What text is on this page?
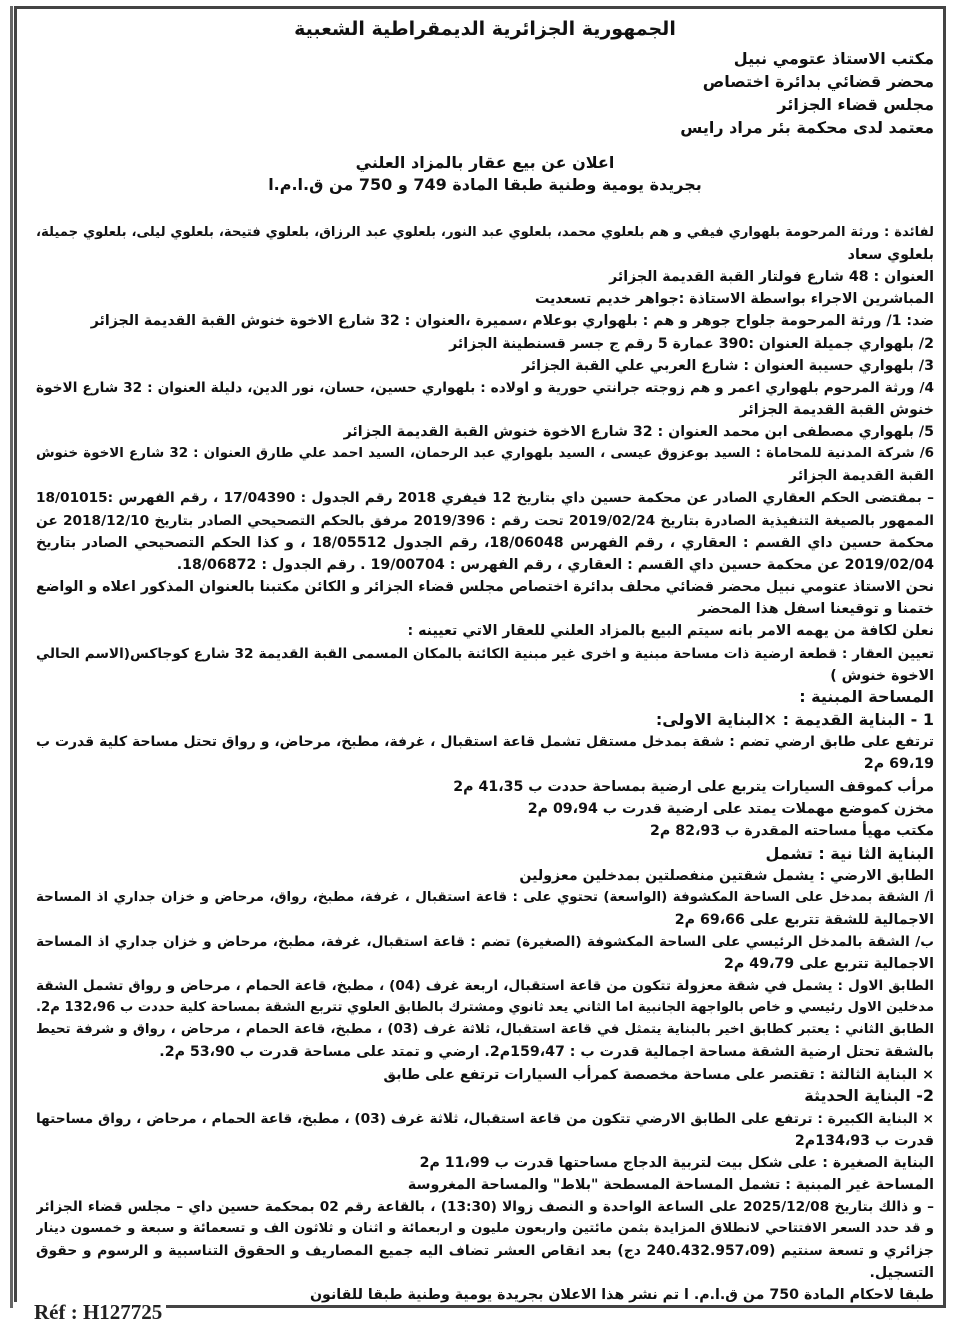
الجمهورية الجزائرية الديمقراطية الشعبية
مكتب الاستاذ عتومي نبيل
محضر قضائي بدائرة اختصاص
مجلس قضاء الجزائر
معتمد لدى محكمة بئر مراد رايس
اعلان عن بيع عقار بالمزاد العلني
بجريدة يومية وطنية طبقا المادة 749 و 750 من ق.ا.م.ا
لفائدة : ورثة المرحومة بلهواري فيفي و هم بلعلوي محمد، بلعلوي عبد النور، بلعلوي عبد الرزاق، بلعلوي فتيحة، بلعلوي ليلى، بلعلوي جميلة،
بلعلوي سعاد
العنوان : 48 شارع فولتار القبة القديمة الجزائر
المباشرين الاجراء بواسطة الاستاذة :جواهر خديم تسعديت
ضد: 1/ ورثة المرحومة جلواح جوهر و هم : بلهواري بوعلام ،سميرة ،العنوان : 32 شارع الاخوة خنوش القبة القديمة الجزائر
2/ بلهواري جميلة العنوان :390 عمارة 5 رقم ج جسر قسنطينة الجزائر
3/ بلهواري حسيبة العنوان : شارع العربي علي القبة الجزائر
4/ ورثة المرحوم بلهواري اعمر و هم زوجته جرانتي حورية و اولاده : بلهواري حسين، حسان، نور الدين، دليلة العنوان : 32 شارع الاخوة
خنوش القبة القديمة الجزائر
5/ بلهواري مصطفى ابن محمد العنوان : 32 شارع الاخوة خنوش القبة القديمة الجزائر
6/ شركة المدنية للمحاماة : السيد بوعزوق عيسى ، السيد بلهواري عبد الرحمان، السيد احمد علي طارق العنوان : 32 شارع الاخوة خنوش
القبة القديمة الجزائر
– بمقتضى الحكم العقاري الصادر عن محكمة حسين داي بتاريخ 12 فيفري 2018 رقم الجدول : 17/04390 ، رقم الفهرس :18/01015
الممهور بالصيغة التنفيذية الصادرة بتاريخ 2019/02/24 تحت رقم : 2019/396 مرفق بالحكم التصحيحي الصادر بتاريخ 2018/12/10 عن
محكمة حسين داي القسم : العقاري ، رقم الفهرس 18/06048، رقم الجدول 18/05512 ، و كذا الحكم التصحيحي الصادر بتاريخ
2019/02/04 عن محكمة حسين داي القسم : العقاري ، رقم الفهرس : 19/00704 . رقم الجدول : 18/06872.
نحن الاستاذ عتومي نبيل محضر قضائي محلف بدائرة اختصاص مجلس قضاء الجزائر و الكائن مكتبنا بالعنوان المذكور اعلاه و الواضع
ختمنا و توقيعنا اسفل هذا المحضر
نعلن لكافة من يهمه الامر بانه سيتم البيع بالمزاد العلني للعقار الاتي تعيينه :
تعيين العقار : قطعة ارضية ذات مساحة مبنية و اخرى غير مبنية الكائنة بالمكان المسمى القبة القديمة 32 شارع كوجاكس(الاسم الحالي
الاخوة خنوش )
المساحة المبنية :
1 - البناية القديمة : ×البناية الاولى:
ترتفع على طابق ارضي تضم : شقة بمدخل مستقل تشمل قاعة استقبال ، غرفة، مطبخ، مرحاض، و رواق تحتل مساحة كلية قدرت ب
69،19 م2
مرأب كموقف السيارات يتربع على ارضية بمساحة حددت ب 41،35 م2
مخزن كموضع مهملات يمتد على ارضية قدرت ب 09،94 م2
مكتب مهيأ مساحته المقدرة ب 82،93 م2
البناية الثا نية : تشمل
الطابق الارضي : يشمل شقتين منفصلتين بمدخلين معزولين
أ/ الشقة بمدخل على الساحة المكشوفة (الواسعة) تحتوي على : قاعة استقبال ، غرفة، مطبخ، رواق، مرحاض و خزان جداري اذ المساحة
الاجمالية للشقة تتربع على 69،66 م2
ب/ الشقة بالمدخل الرئيسي على الساحة المكشوفة (الصغيرة) تضم : قاعة استقبال، غرفة، مطبخ، مرحاض و خزان جداري اذ المساحة
الاجمالية تتربع على 49،79 م2
الطابق الاول : يشمل في شقة معزولة تتكون من قاعة استقبال، اربعة غرف (04) ، مطبخ، قاعة الحمام ، مرحاض و رواق تشمل الشقة
مدخلين الاول رئيسي و خاص بالواجهة الجانبية اما الثاني يعد ثانوي ومشترك بالطابق العلوي تتربع الشقة بمساحة كلية حددت ب 132،96 م2.
الطابق الثاني : يعتبر كطابق اخير بالبناية يتمثل في قاعة استقبال، ثلاثة غرف (03) ، مطبخ، قاعة الحمام ، مرحاض ، رواق و شرفة تحيط
بالشقة تحتل ارضية الشقة مساحة اجمالية قدرت ب : 159،47م2. ارضي و تمتد على مساحة قدرت ب 53،90 م2.
× البناية الثالثة : تقتصر على مساحة مخصصة كمرأب السيارات ترتفع على طابق
2- البناية الحديثة
× البناية الكبيرة : ترتفع على الطابق الارضي تتكون من قاعة استقبال، ثلاثة غرف (03) ، مطبخ، قاعة الحمام ، مرحاض ، رواق مساحتها
قدرت ب 134،93م2
البناية الصغيرة : على شكل بيت لتربية الدجاج مساحتها قدرت ب 11،99 م2
المساحة غير المبنية : تشمل المساحة المسطحة "بلاط" والمساحة المغروسة
– و ذالك بتاريخ 2025/12/08 على الساعة الواحدة و النصف زوالا (13:30) ، بالقاعة رقم 02 بمحكمة حسين داي – مجلس قضاء الجزائر
و قد حدد السعر الافتتاحي لانطلاق المزايدة بثمن مائتين واربعون مليون و اربعمائة و اثنان و ثلاثون الف و تسعمائة و سبعة و خمسون دينار
جزائري و تسعة سنتيم (240.432.957،09 دج) بعد انقاص العشر تضاف اليه جميع المصاريف و الحقوق التناسبية و الرسوم و حقوق
التسجيل.
طبقا لاحكام المادة 750 من ق.ا.م. ا تم نشر هذا الاعلان بجريدة يومية وطنية طبقا للقانون
Réf : H127725
